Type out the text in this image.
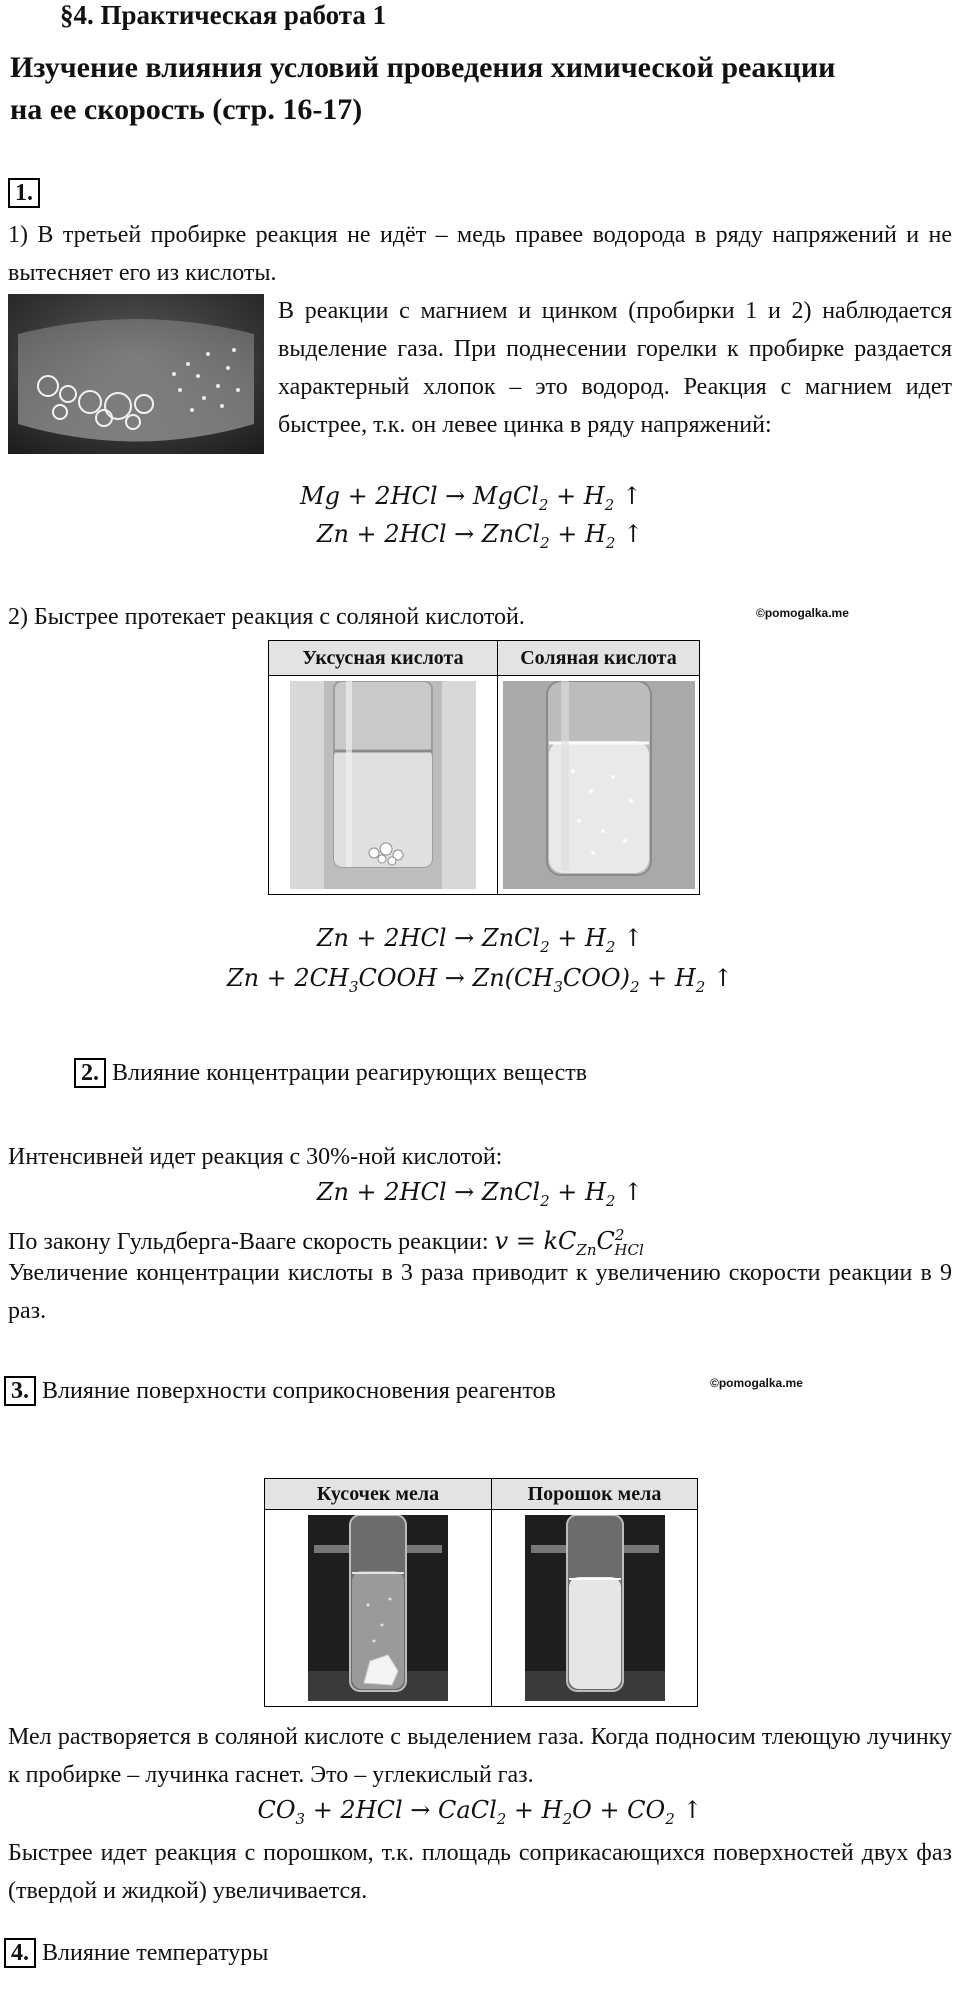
§4. Практическая работа 1
Изучение влияния условий проведения химической реакции
на ее скорость (стр. 16-17)
1.
1) В третьей пробирке реакция не идёт – медь правее водорода в ряду напряжений и не вытесняет его из кислоты.
В реакции с магнием и цинком (пробирки 1 и 2) наблюдается выделение газа. При поднесении горелки к пробирке раздается характерный хлопок – это водород. Реакция с магнием идет быстрее, т.к. он левее цинка в ряду напряжений:
Mg + 2HCl → MgCl$_2$ + $H_2$ ↑
Zn + 2HCl → ZnCl$_2$ + $H_2$ ↑
2) Быстрее протекает реакция с соляной кислотой.	©pomogalka.me
Уксусная кислота	Соляная кислота

Zn + 2HCl → ZnCl$_2$ + $H_2$ ↑
$Zn + 2CH_3COOH \to Zn(CH_3COO)_2 + H_2$ ↑
2. Влияние концентрации реагирующих веществ
Интенсивней идет реакция с 30%-ной кислотой:
Zn + 2HCl → ZnCl$_2$ + $H_2$ ↑
По закону Гульдберга-Вааге скорость реакции: $v = kC_{Zn}C^2_{HCl}$
Увеличение концентрации кислоты в 3 раза приводит к увеличению скорости реакции в 9 раз.
3. Влияние поверхности соприкосновения реагентов	©pomogalka.me
Кусочек мела	Порошок мела

Мел растворяется в соляной кислоте с выделением газа. Когда подносим тлеющую лучинку к пробирке – лучинка гаснет. Это – углекислый газ.
$CO_3 + 2HCl$ → CaCl$_2$ + $H_2O + CO_2$ ↑
Быстрее идет реакция с порошком, т.к. площадь соприкасающихся поверхностей двух фаз (твердой и жидкой) увеличивается.
4. Влияние температуры
